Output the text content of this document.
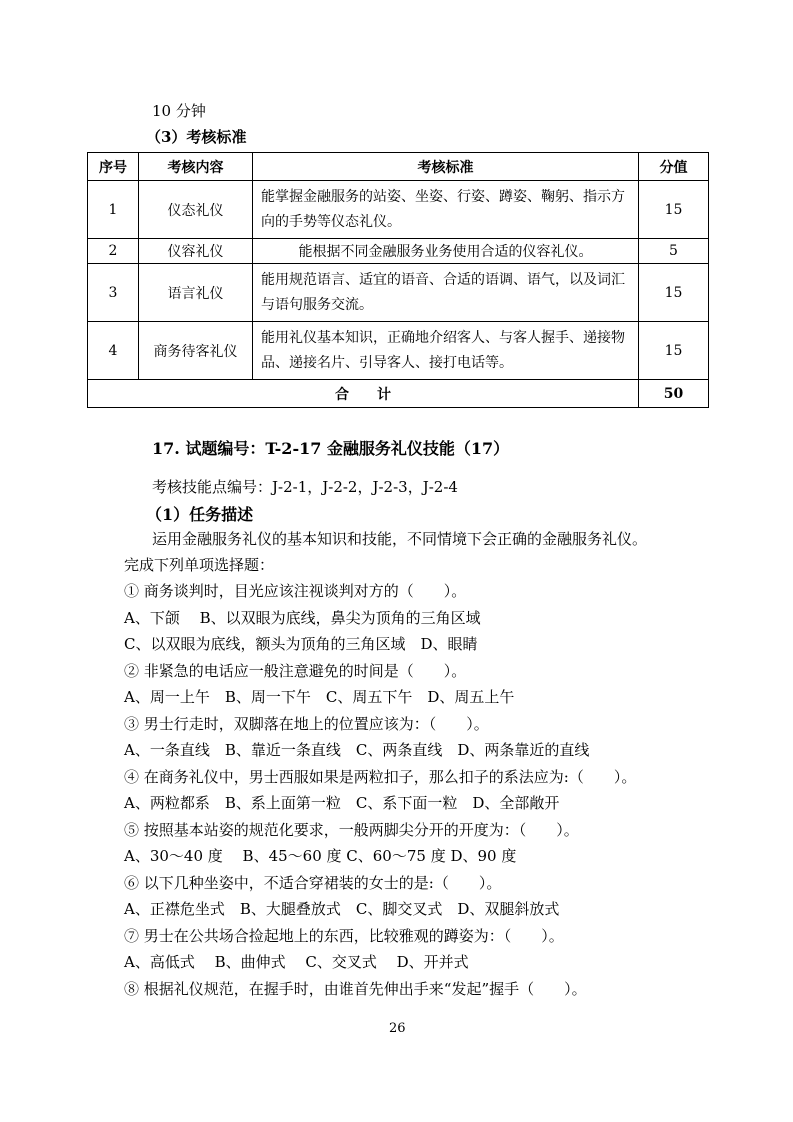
10 分钟
（3）考核标准
序号	考核内容	考核标准	分值
1	仪态礼仪	能掌握金融服务的站姿、坐姿、行姿、蹲姿、鞠躬、指示方向的手势等仪态礼仪。	15
2	仪容礼仪	能根据不同金融服务业务使用合适的仪容礼仪。	5
3	语言礼仪	能用规范语言、适宜的语音、合适的语调、语气，以及词汇与语句服务交流。	15
4	商务待客礼仪	能用礼仪基本知识，正确地介绍客人、与客人握手、递接物品、递接名片、引导客人、接打电话等。	15
合　　计			50
17. 试题编号：T-2-17 金融服务礼仪技能（17）
考核技能点编号：J-2-1，J-2-2，J-2-3，J-2-4
（1）任务描述
运用金融服务礼仪的基本知识和技能，不同情境下会正确的金融服务礼仪。
完成下列单项选择题：
① 商务谈判时，目光应该注视谈判对方的（　　）。
A、下颌　 B、以双眼为底线，鼻尖为顶角的三角区域
C、以双眼为底线，额头为顶角的三角区域　D、眼睛
② 非紧急的电话应一般注意避免的时间是（　　）。
A、周一上午　B、周一下午　C、周五下午　D、周五上午
③ 男士行走时，双脚落在地上的位置应该为：（　　）。
A、一条直线　B、靠近一条直线　C、两条直线　D、两条靠近的直线
④ 在商务礼仪中，男士西服如果是两粒扣子，那么扣子的系法应为:（　　）。
A、两粒都系　B、系上面第一粒　C、系下面一粒　D、全部敞开
⑤ 按照基本站姿的规范化要求，一般两脚尖分开的开度为：（　　）。
A、30～40 度　 B、45～60 度 C、60～75 度 D、90 度
⑥ 以下几种坐姿中，不适合穿裙装的女士的是:（　　）。
A、正襟危坐式　B、大腿叠放式　C、脚交叉式　D、双腿斜放式
⑦ 男士在公共场合捡起地上的东西，比较雅观的蹲姿为：（　　）。
A、高低式　 B、曲伸式　 C、交叉式　 D、开并式
⑧ 根据礼仪规范，在握手时，由谁首先伸出手来“发起”握手（　　）。
26
